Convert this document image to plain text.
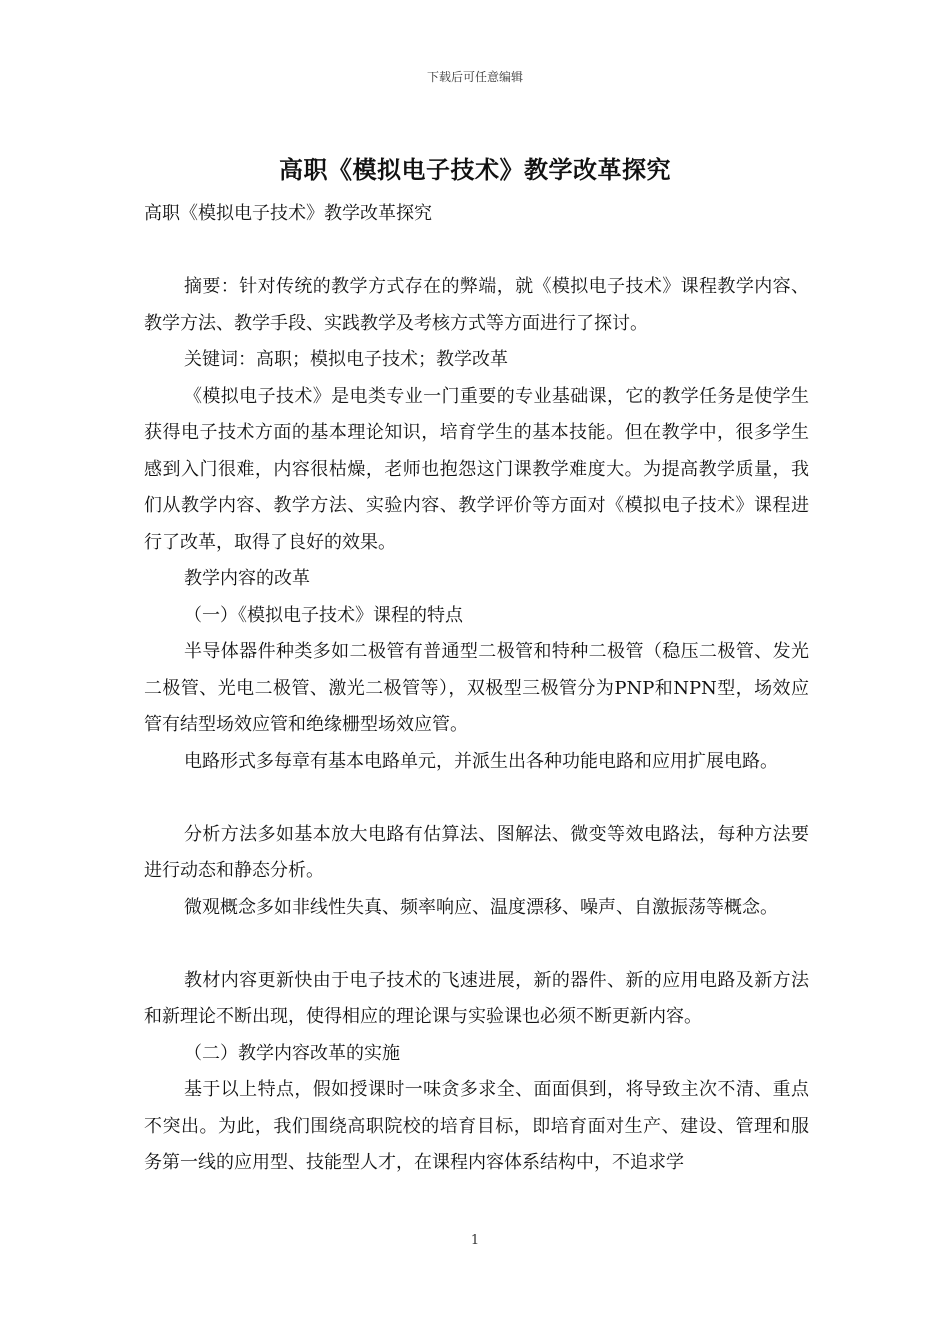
下载后可任意编辑
高职《模拟电子技术》教学改革探究

高职《模拟电子技术》教学改革探究

摘要：针对传统的教学方式存在的弊端，就《模拟电子技术》课程教学内容、教学方法、教学手段、实践教学及考核方式等方面进行了探讨。

关键词：高职；模拟电子技术；教学改革

《模拟电子技术》是电类专业一门重要的专业基础课，它的教学任务是使学生获得电子技术方面的基本理论知识，培育学生的基本技能。但在教学中，很多学生感到入门很难，内容很枯燥，老师也抱怨这门课教学难度大。为提高教学质量，我们从教学内容、教学方法、实验内容、教学评价等方面对《模拟电子技术》课程进行了改革，取得了良好的效果。

教学内容的改革

（一）《模拟电子技术》课程的特点

半导体器件种类多如二极管有普通型二极管和特种二极管（稳压二极管、发光二极管、光电二极管、激光二极管等），双极型三极管分为PNP和NPN型，场效应管有结型场效应管和绝缘栅型场效应管。

电路形式多每章有基本电路单元，并派生出各种功能电路和应用扩展电路。

分析方法多如基本放大电路有估算法、图解法、微变等效电路法，每种方法要进行动态和静态分析。

微观概念多如非线性失真、频率响应、温度漂移、噪声、自激振荡等概念。

教材内容更新快由于电子技术的飞速进展，新的器件、新的应用电路及新方法和新理论不断出现，使得相应的理论课与实验课也必须不断更新内容。

（二）教学内容改革的实施

基于以上特点，假如授课时一味贪多求全、面面俱到，将导致主次不清、重点不突出。为此，我们围绕高职院校的培育目标，即培育面对生产、建设、管理和服务第一线的应用型、技能型人才，在课程内容体系结构中，不追求学

1
